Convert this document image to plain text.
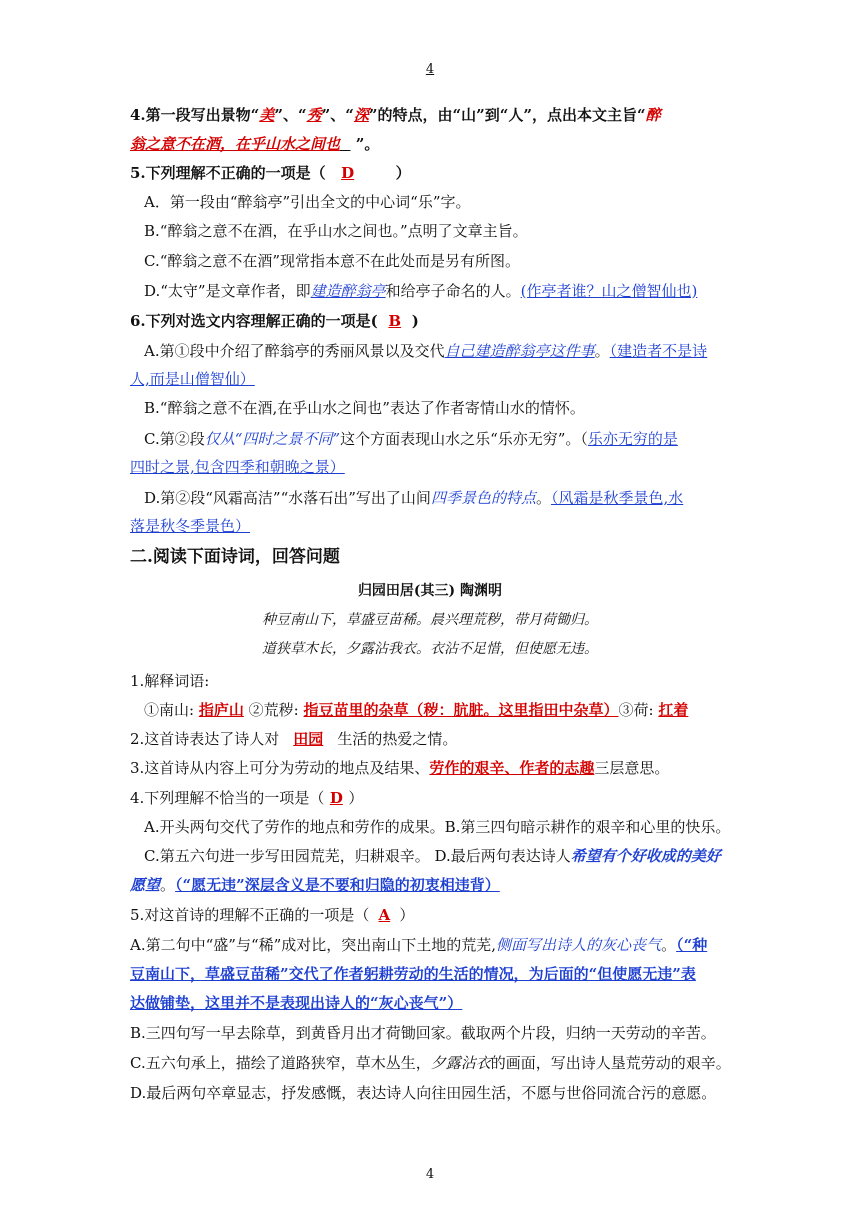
4
4.第一段写出景物“美”、“秀”、“深”的特点，由“山”到“人”，点出本文主旨“醉
翁之意不在酒，在乎山水之间也   ”。
5.下列理解不正确的一项是（ D	）
A．第一段由“醉翁亭”引出全文的中心词“乐”字。
B.“醉翁之意不在酒，在乎山水之间也。”点明了文章主旨。
C.“醉翁之意不在酒”现常指本意不在此处而是另有所图。
D.“太守”是文章作者，即建造醉翁亭和给亭子命名的人。(作亭者谁？山之僧智仙也)
6.下列对选文内容理解正确的一项是( B )
A.第①段中介绍了醉翁亭的秀丽风景以及交代自己建造醉翁亭这件事。（建造者不是诗
人,而是山僧智仙）
B.“醉翁之意不在酒,在乎山水之间也”表达了作者寄情山水的情怀。
C.第②段仅从“四时之景不同”这个方面表现山水之乐“乐亦无穷”。（乐亦无穷的是
四时之景,包含四季和朝晚之景）
D.第②段“风霜高洁”“水落石出”写出了山间四季景色的特点。（风霜是秋季景色,水
落是秋冬季景色）
二.阅读下面诗词，回答问题
归园田居(其三) 陶渊明
种豆南山下，草盛豆苗稀。晨兴理荒秽，带月荷锄归。
道狭草木长，夕露沾我衣。衣沾不足惜，但使愿无违。
1.解释词语:
①南山: 指庐山 ②荒秽: 指豆苗里的杂草（秽：肮脏。这里指田中杂草）③荷: 扛着
2.这首诗表达了诗人对 田园 生活的热爱之情。
3.这首诗从内容上可分为劳动的地点及结果、劳作的艰辛、作者的志趣三层意思。
4.下列理解不恰当的一项是（ D ）
A.开头两句交代了劳作的地点和劳作的成果。B.第三四句暗示耕作的艰辛和心里的快乐。
C.第五六句进一步写田园荒芜，归耕艰辛。 D.最后两句表达诗人希望有个好收成的美好
愿望。（“愿无违”深层含义是不要和归隐的初衷相违背）
5.对这首诗的理解不正确的一项是（ A ）
A.第二句中“盛”与“稀”成对比，突出南山下土地的荒芜,侧面写出诗人的灰心丧气。（“种
豆南山下，草盛豆苗稀”交代了作者躬耕劳动的生活的情况，为后面的“但使愿无违”表
达做铺垫，这里并不是表现出诗人的“灰心丧气”）
B.三四句写一早去除草，到黄昏月出才荷锄回家。截取两个片段，归纳一天劳动的辛苦。
C.五六句承上，描绘了道路狭窄，草木丛生，夕露沾衣的画面，写出诗人垦荒劳动的艰辛。
D.最后两句卒章显志，抒发感慨，表达诗人向往田园生活，不愿与世俗同流合污的意愿。
4
